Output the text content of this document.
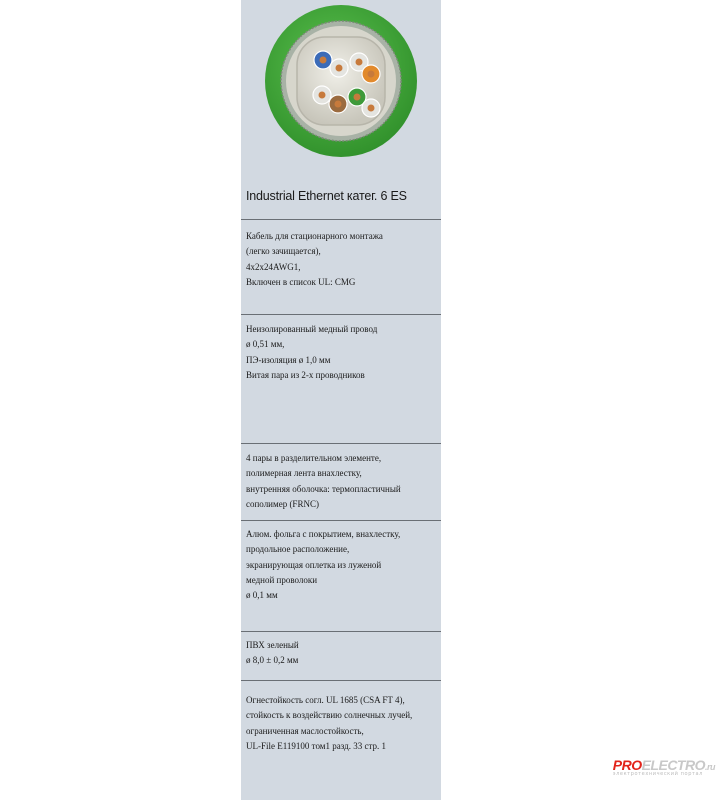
Industrial Ethernet катег. 6 ES
Кабель для стационарного монтажа
(легко зачищается),
4x2x24AWG1,
Включен в список UL: CMG
Неизолированный медный провод
ø 0,51 мм,
ПЭ-изоляция ø 1,0 мм
Витая пара из 2-х проводников
4 пары в разделительном элементе,
полимерная лента внахлестку,
внутренняя оболочка: термопластичный
сополимер (FRNC)
Алюм. фольга с покрытием, внахлестку,
продольное расположение,
экранирующая оплетка из луженой
медной проволоки
ø 0,1 мм
ПВХ зеленый
ø 8,0 ± 0,2 мм
Огнестойкость согл. UL 1685 (CSA FT 4),
стойкость к воздействию солнечных лучей,
ограниченная маслостойкость,
UL-File E119100 том1 разд. 33 стр. 1
PROELECTRO.ru
электротехнический портал
